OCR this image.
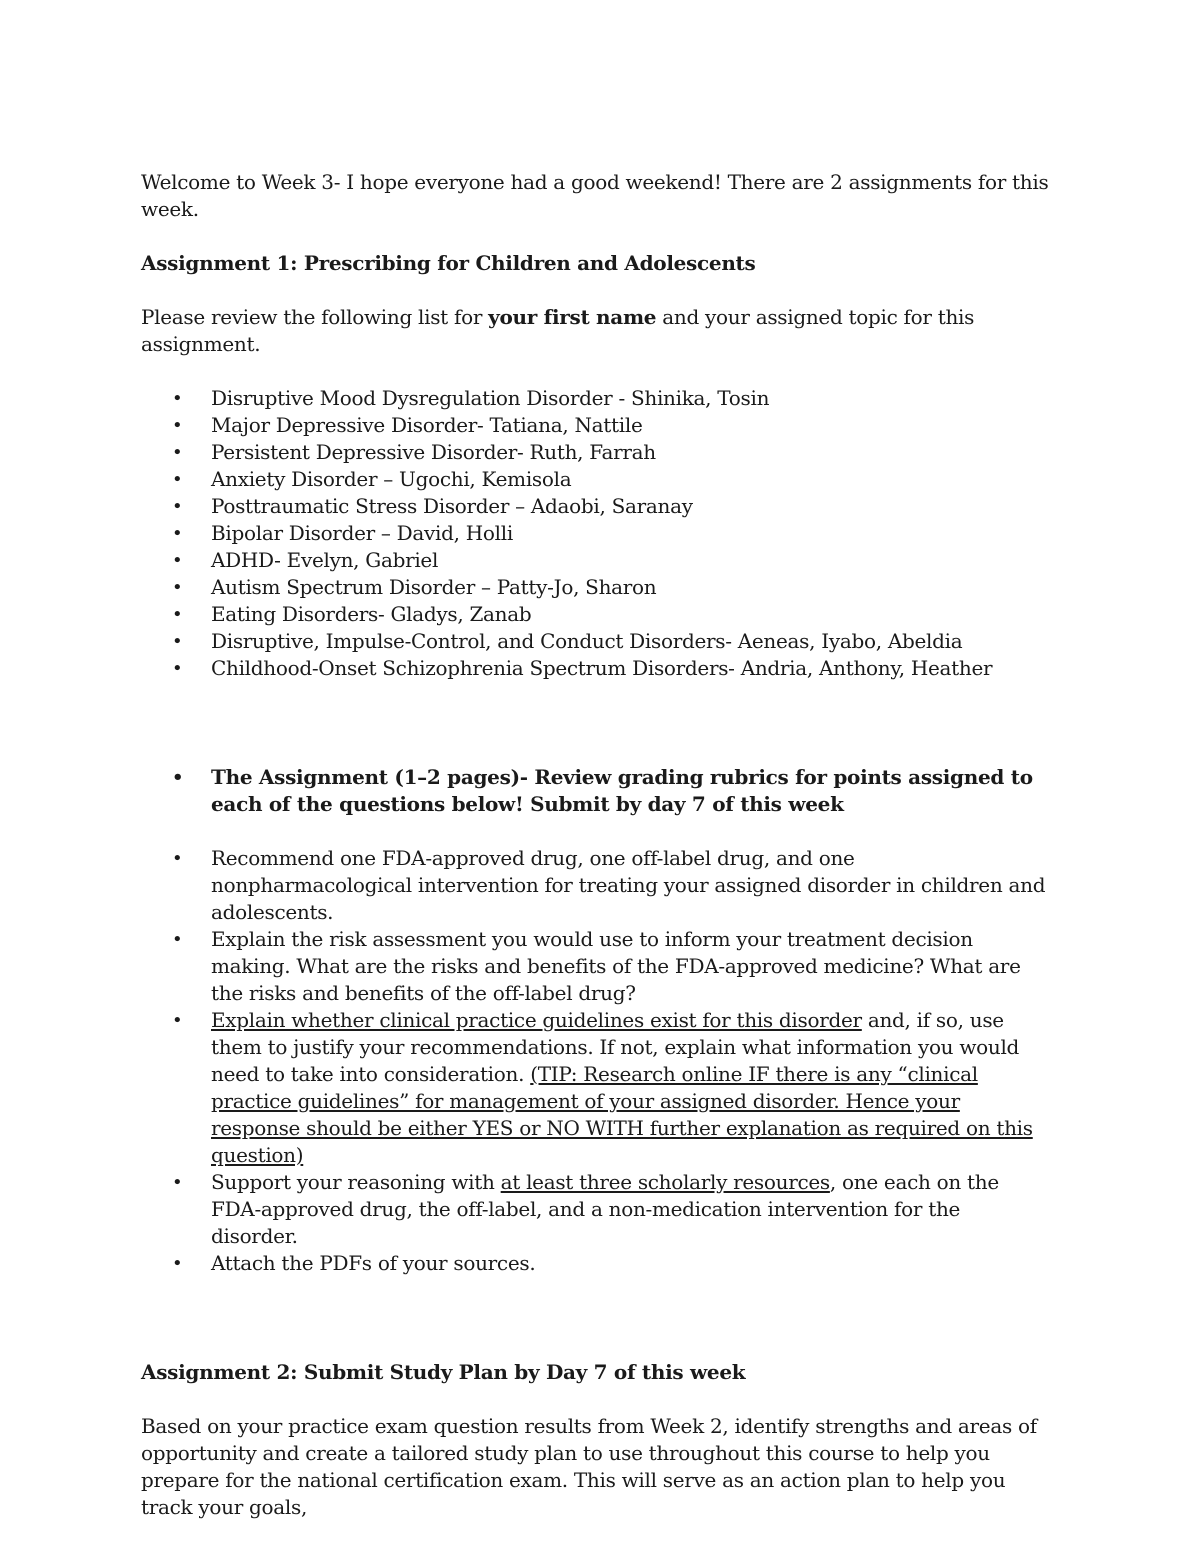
Welcome to Week 3- I hope everyone had a good weekend! There are 2 assignments for this week.

Assignment 1: Prescribing for Children and Adolescents

Please review the following list for your first name and your assigned topic for this assignment.

• Disruptive Mood Dysregulation Disorder - Shinika, Tosin
• Major Depressive Disorder- Tatiana, Nattile
• Persistent Depressive Disorder- Ruth, Farrah
• Anxiety Disorder – Ugochi, Kemisola
• Posttraumatic Stress Disorder – Adaobi, Saranay
• Bipolar Disorder – David, Holli
• ADHD- Evelyn, Gabriel
• Autism Spectrum Disorder – Patty-Jo, Sharon
• Eating Disorders- Gladys, Zanab
• Disruptive, Impulse-Control, and Conduct Disorders- Aeneas, Iyabo, Abeldia
• Childhood-Onset Schizophrenia Spectrum Disorders- Andria, Anthony, Heather
• The Assignment (1–2 pages)- Review grading rubrics for points assigned to each of the questions below! Submit by day 7 of this week
• Recommend one FDA-approved drug, one off-label drug, and one nonpharmacological intervention for treating your assigned disorder in children and adolescents.
• Explain the risk assessment you would use to inform your treatment decision making. What are the risks and benefits of the FDA-approved medicine? What are the risks and benefits of the off-label drug?
• Explain whether clinical practice guidelines exist for this disorder and, if so, use them to justify your recommendations. If not, explain what information you would need to take into consideration. (TIP: Research online IF there is any “clinical practice guidelines” for management of your assigned disorder. Hence your response should be either YES or NO WITH further explanation as required on this question)
• Support your reasoning with at least three scholarly resources, one each on the FDA-approved drug, the off-label, and a non-medication intervention for the disorder.
• Attach the PDFs of your sources.

Assignment 2: Submit Study Plan by Day 7 of this week

Based on your practice exam question results from Week 2, identify strengths and areas of opportunity and create a tailored study plan to use throughout this course to help you prepare for the national certification exam. This will serve as an action plan to help you track your goals,
